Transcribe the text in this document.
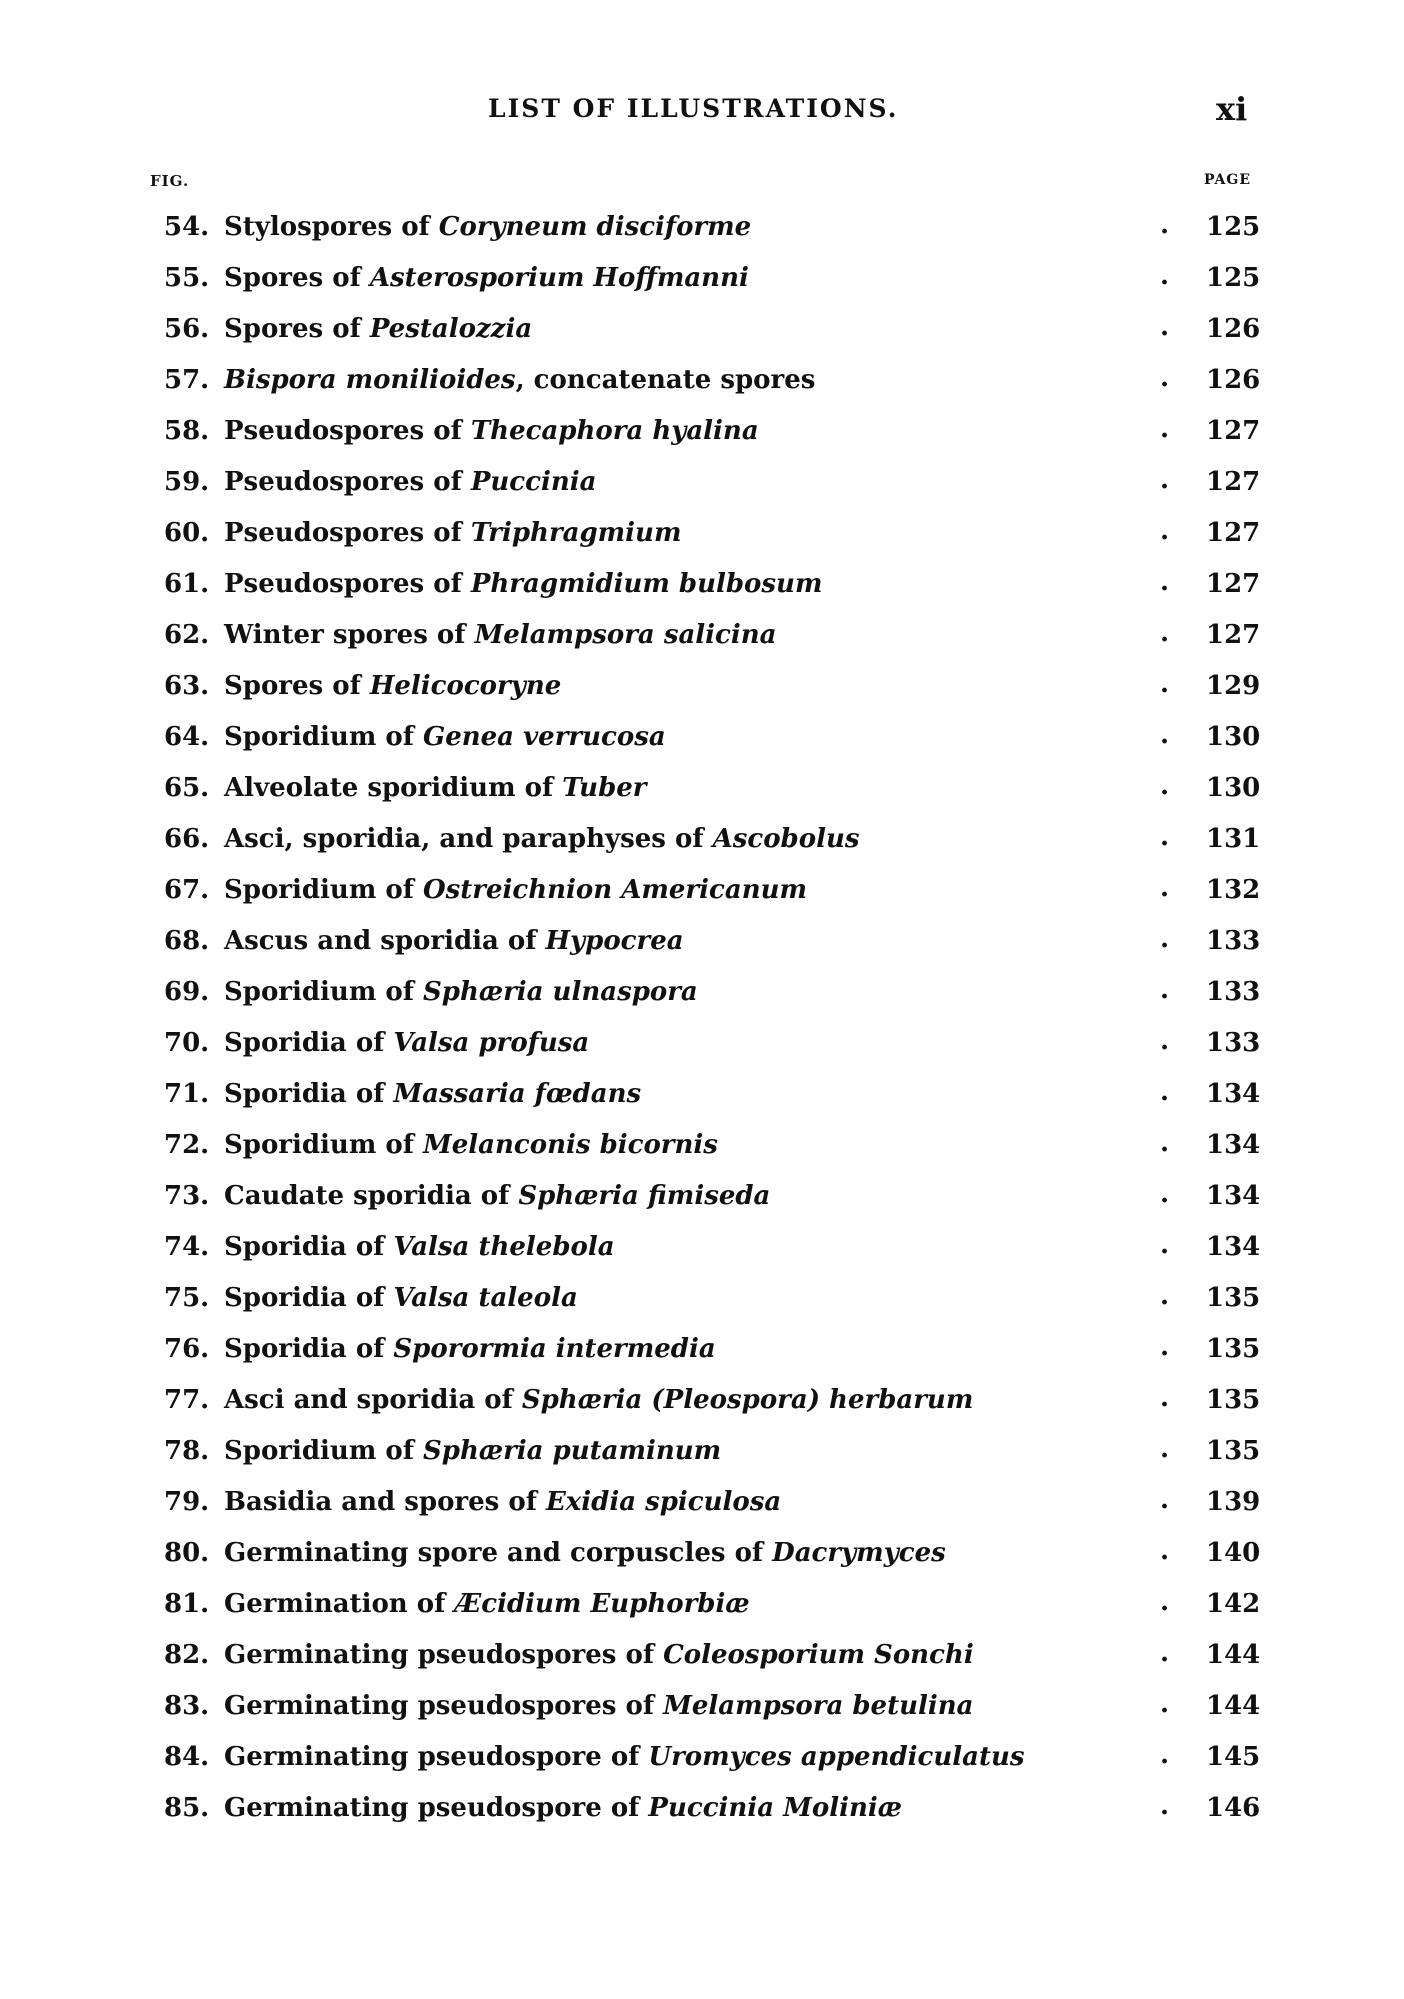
LIST OF ILLUSTRATIONS.	xi
FIG.	PAGE
54. Stylospores of Coryneum disciforme	. 125
55. Spores of Asterosporium Hoffmanni	. 125
56. Spores of Pestalozzia	. 126
57. Bispora monilioides, concatenate spores	. 126
58. Pseudospores of Thecaphora hyalina	. 127
59. Pseudospores of Puccinia	. 127
60. Pseudospores of Triphragmium	. 127
61. Pseudospores of Phragmidium bulbosum	. 127
62. Winter spores of Melampsora salicina	. 127
63. Spores of Helicocoryne	. 129
64. Sporidium of Genea verrucosa	. 130
65. Alveolate sporidium of Tuber	. 130
66. Asci, sporidia, and paraphyses of Ascobolus	. 131
67. Sporidium of Ostreichnion Americanum	. 132
68. Ascus and sporidia of Hypocrea	. 133
69. Sporidium of Sphæria ulnaspora	. 133
70. Sporidia of Valsa profusa	. 133
71. Sporidia of Massaria fœdans	. 134
72. Sporidium of Melanconis bicornis	. 134
73. Caudate sporidia of Sphæria fimiseda	. 134
74. Sporidia of Valsa thelebola	. 134
75. Sporidia of Valsa taleola	. 135
76. Sporidia of Sporormia intermedia	. 135
77. Asci and sporidia of Sphæria (Pleospora) herbarum	. 135
78. Sporidium of Sphæria putaminum	. 135
79. Basidia and spores of Exidia spiculosa	. 139
80. Germinating spore and corpuscles of Dacrymyces	. 140
81. Germination of Æcidium Euphorbiæ	. 142
82. Germinating pseudospores of Coleosporium Sonchi	. 144
83. Germinating pseudospores of Melampsora betulina	. 144
84. Germinating pseudospore of Uromyces appendiculatus	. 145
85. Germinating pseudospore of Puccinia Moliniæ	. 146
